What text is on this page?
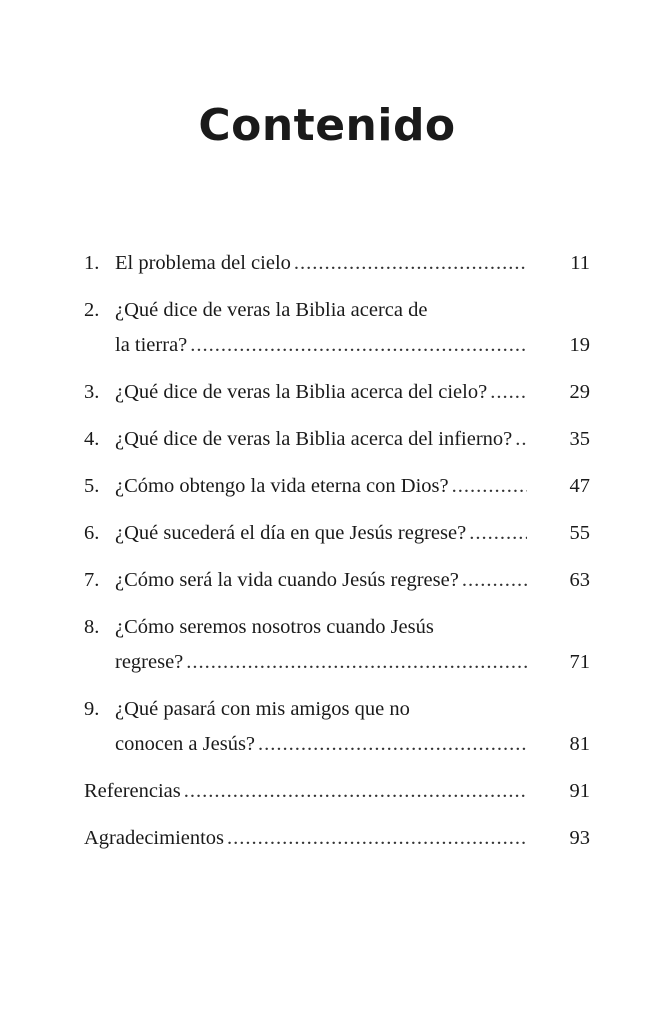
Contenido
1. El problema del cielo .....	11
2. ¿Qué dice de veras la Biblia acerca de
la tierra? .....	19
3. ¿Qué dice de veras la Biblia acerca del cielo? .....	29
4. ¿Qué dice de veras la Biblia acerca del infierno? .....	35
5. ¿Cómo obtengo la vida eterna con Dios? .....	47
6. ¿Qué sucederá el día en que Jesús regrese? .....	55
7. ¿Cómo será la vida cuando Jesús regrese? .....	63
8. ¿Cómo seremos nosotros cuando Jesús
regrese? .....	71
9. ¿Qué pasará con mis amigos que no
conocen a Jesús? .....	81
Referencias .....	91
Agradecimientos .....	93
